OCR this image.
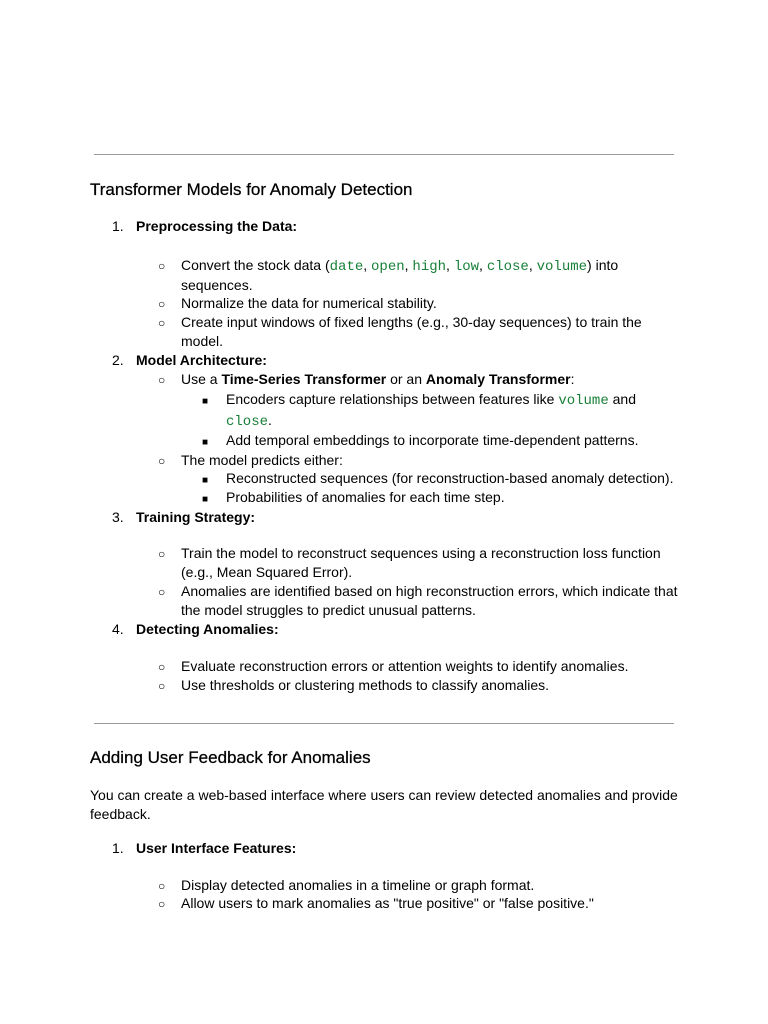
Transformer Models for Anomaly Detection
1. Preprocessing the Data:
○ Convert the stock data (date, open, high, low, close, volume) into
sequences.
○ Normalize the data for numerical stability.
○ Create input windows of fixed lengths (e.g., 30-day sequences) to train the
model.
2. Model Architecture:
○ Use a Time-Series Transformer or an Anomaly Transformer:
■ Encoders capture relationships between features like volume and
close.
■ Add temporal embeddings to incorporate time-dependent patterns.
○ The model predicts either:
■ Reconstructed sequences (for reconstruction-based anomaly detection).
■ Probabilities of anomalies for each time step.
3. Training Strategy:
○ Train the model to reconstruct sequences using a reconstruction loss function
(e.g., Mean Squared Error).
○ Anomalies are identified based on high reconstruction errors, which indicate that
the model struggles to predict unusual patterns.
4. Detecting Anomalies:
○ Evaluate reconstruction errors or attention weights to identify anomalies.
○ Use thresholds or clustering methods to classify anomalies.
Adding User Feedback for Anomalies
You can create a web-based interface where users can review detected anomalies and provide
feedback.
1. User Interface Features:
○ Display detected anomalies in a timeline or graph format.
○ Allow users to mark anomalies as "true positive" or "false positive."
